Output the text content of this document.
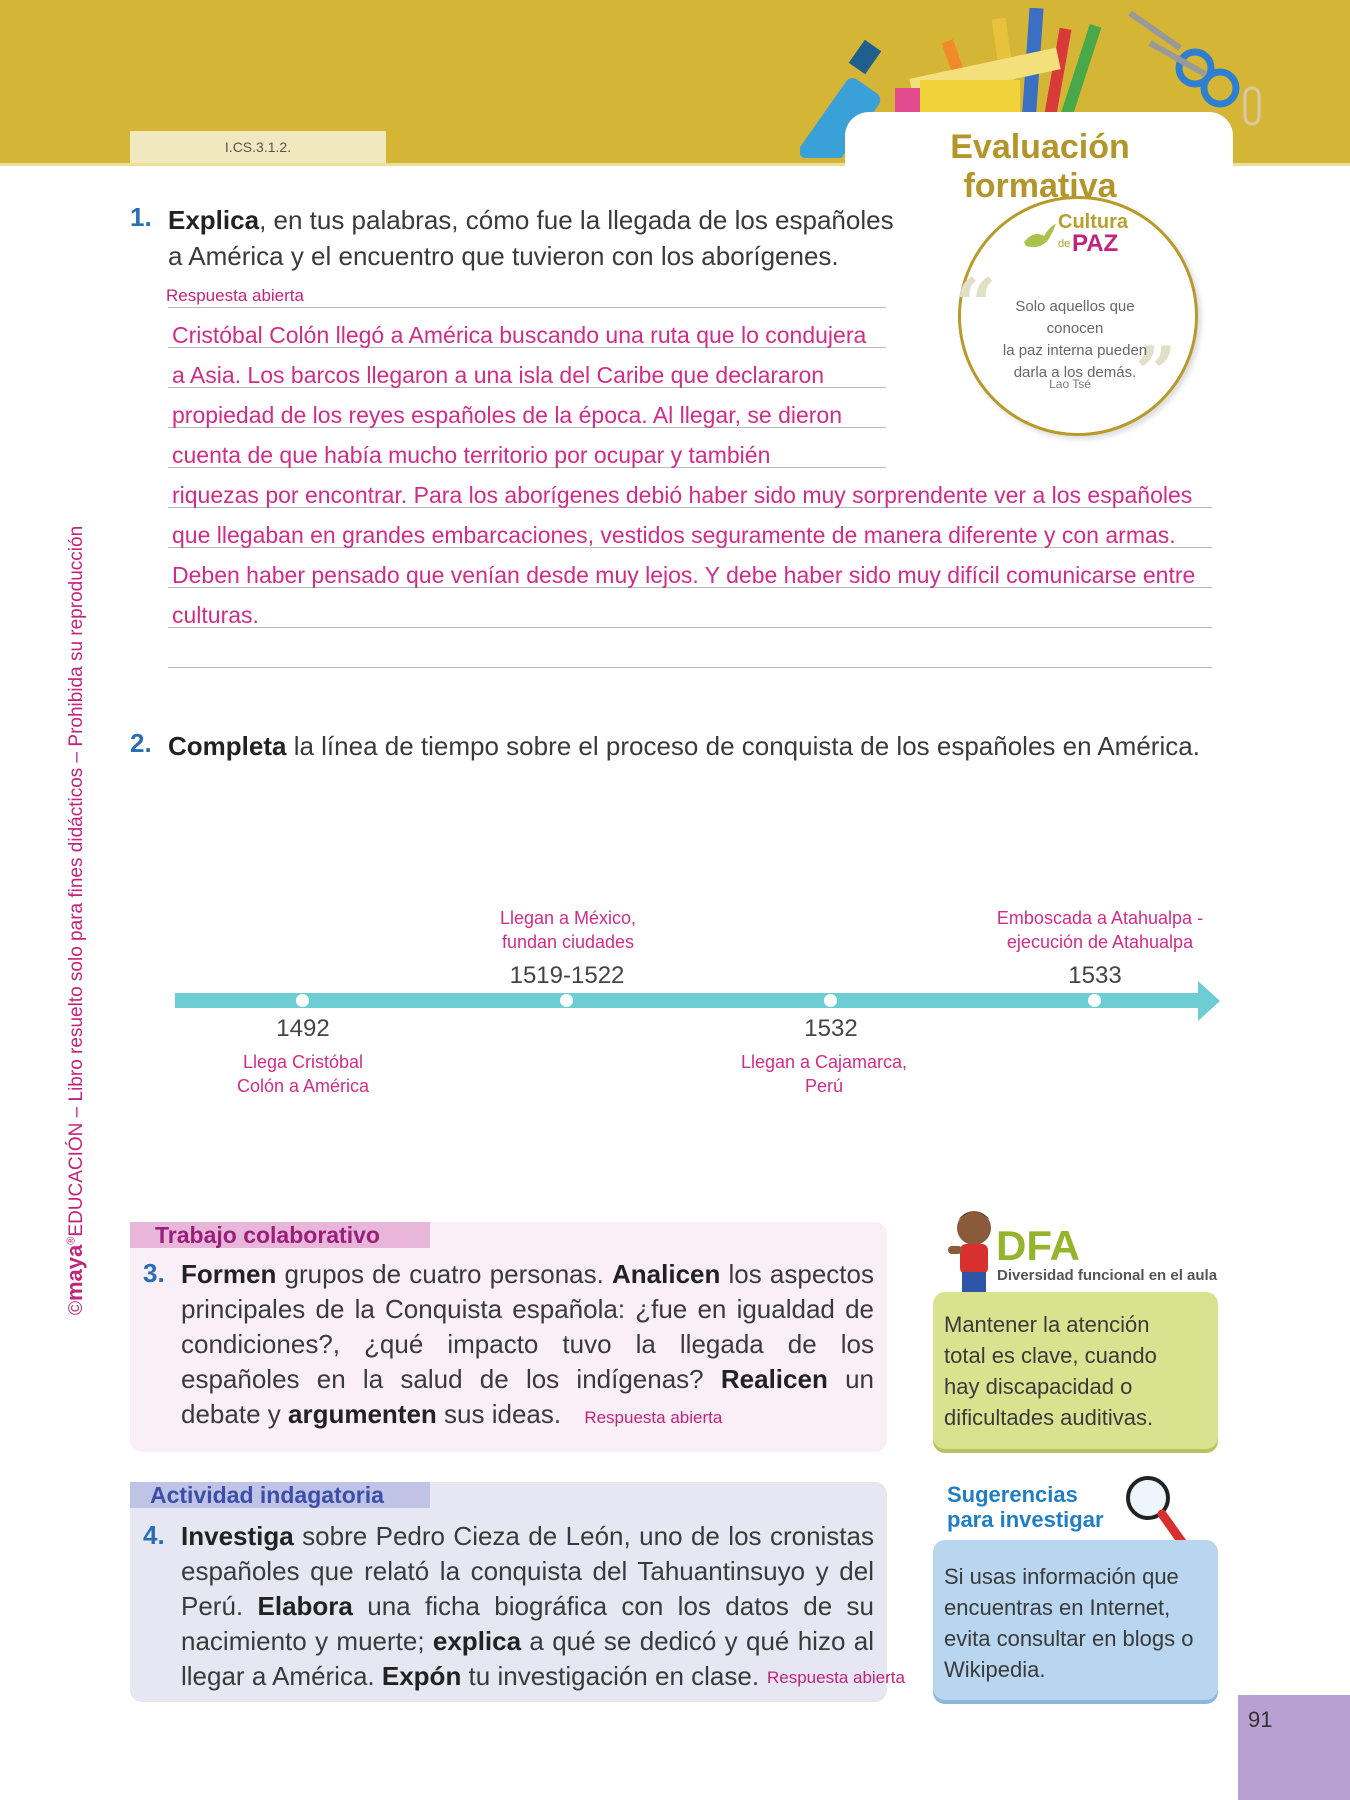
I.CS.3.1.2.	Evaluación formativa
©maya®EDUCACIÓN – Libro resuelto solo para fines didácticos – Prohibida su reproducción
1. Explica, en tus palabras, cómo fue la llegada de los españoles
a América y el encuentro que tuvieron con los aborígenes.
Respuesta abierta
Cristóbal Colón llegó a América buscando una ruta que lo condujera
a Asia. Los barcos llegaron a una isla del Caribe que declararon
propiedad de los reyes españoles de la época. Al llegar, se dieron
cuenta de que había mucho territorio por ocupar y también
riquezas por encontrar. Para los aborígenes debió haber sido muy sorprendente ver a los españoles
que llegaban en grandes embarcaciones, vestidos seguramente de manera diferente y con armas.
Deben haber pensado que venían desde muy lejos. Y debe haber sido muy difícil comunicarse entre
culturas.
Cultura
de PAZ
“
”
Solo aquellos que conocen
la paz interna pueden
darla a los demás.
Lao Tsé
2. Completa la línea de tiempo sobre el proceso de conquista de los españoles en América.
1492
Llega Cristóbal
Colón a América
Llegan a México,
fundan ciudades
1519-1522
1532
Llegan a Cajamarca,
Perú
Emboscada a Atahualpa -
ejecución de Atahualpa
1533
Trabajo colaborativo
3. Formen grupos de cuatro personas. Analicen los aspectos principales de la Conquista española: ¿fue en igualdad de condiciones?, ¿qué impacto tuvo la llegada de los españoles en la salud de los indígenas? Realicen un debate y argumenten sus ideas. Respuesta abierta
Actividad indagatoria
4. Investiga sobre Pedro Cieza de León, uno de los cronistas españoles que relató la conquista del Tahuantinsuyo y del Perú. Elabora una ficha biográfica con los datos de su nacimiento y muerte; explica a qué se dedicó y qué hizo al llegar a América. Expón tu investigación en clase. Respuesta abierta
DFA
Diversidad funcional en el aula
Mantener la atención total es clave, cuando hay discapacidad o dificultades auditivas.
Sugerencias
para investigar
Si usas información que encuentras en Internet, evita consultar en blogs o Wikipedia.
91
